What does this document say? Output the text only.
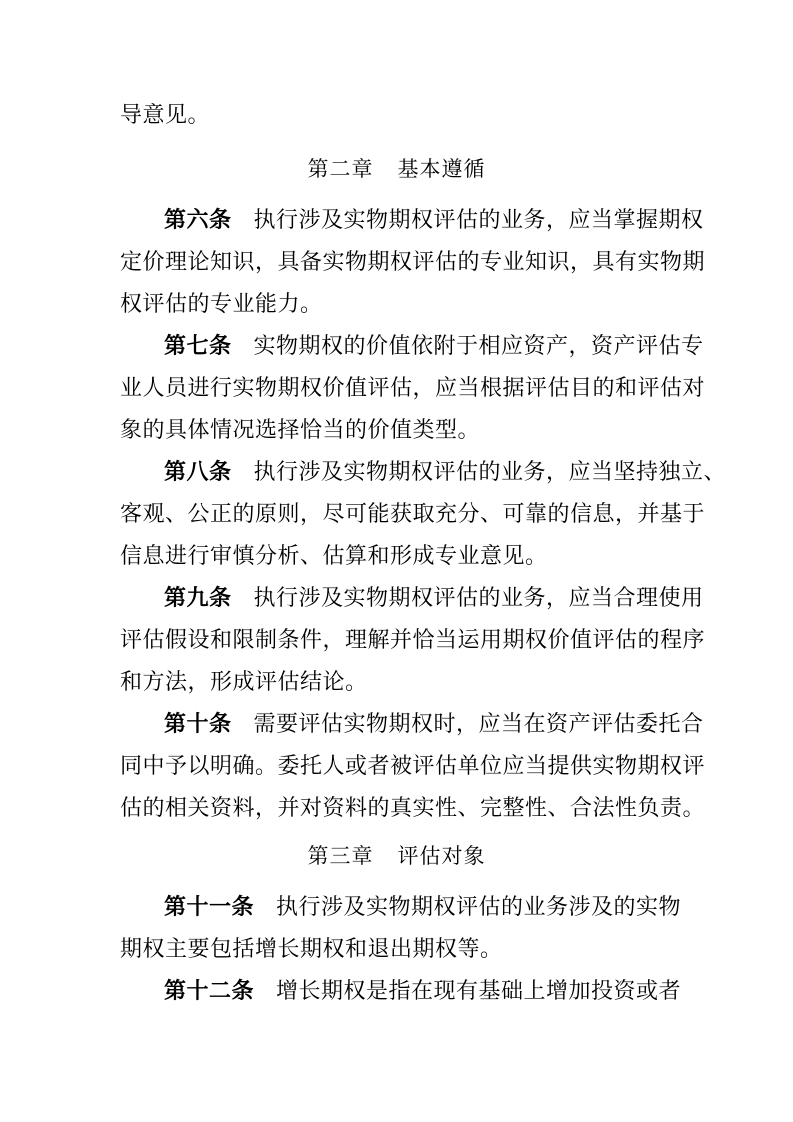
导意见。
第二章 基本遵循
第六条 执行涉及实物期权评估的业务，应当掌握期权
定价理论知识，具备实物期权评估的专业知识，具有实物期
权评估的专业能力。
第七条 实物期权的价值依附于相应资产，资产评估专
业人员进行实物期权价值评估，应当根据评估目的和评估对
象的具体情况选择恰当的价值类型。
第八条 执行涉及实物期权评估的业务，应当坚持独立、
客观、公正的原则，尽可能获取充分、可靠的信息，并基于
信息进行审慎分析、估算和形成专业意见。
第九条 执行涉及实物期权评估的业务，应当合理使用
评估假设和限制条件，理解并恰当运用期权价值评估的程序
和方法，形成评估结论。
第十条 需要评估实物期权时，应当在资产评估委托合
同中予以明确。委托人或者被评估单位应当提供实物期权评
估的相关资料，并对资料的真实性、完整性、合法性负责。
第三章 评估对象
第十一条 执行涉及实物期权评估的业务涉及的实物
期权主要包括增长期权和退出期权等。
第十二条 增长期权是指在现有基础上增加投资或者
